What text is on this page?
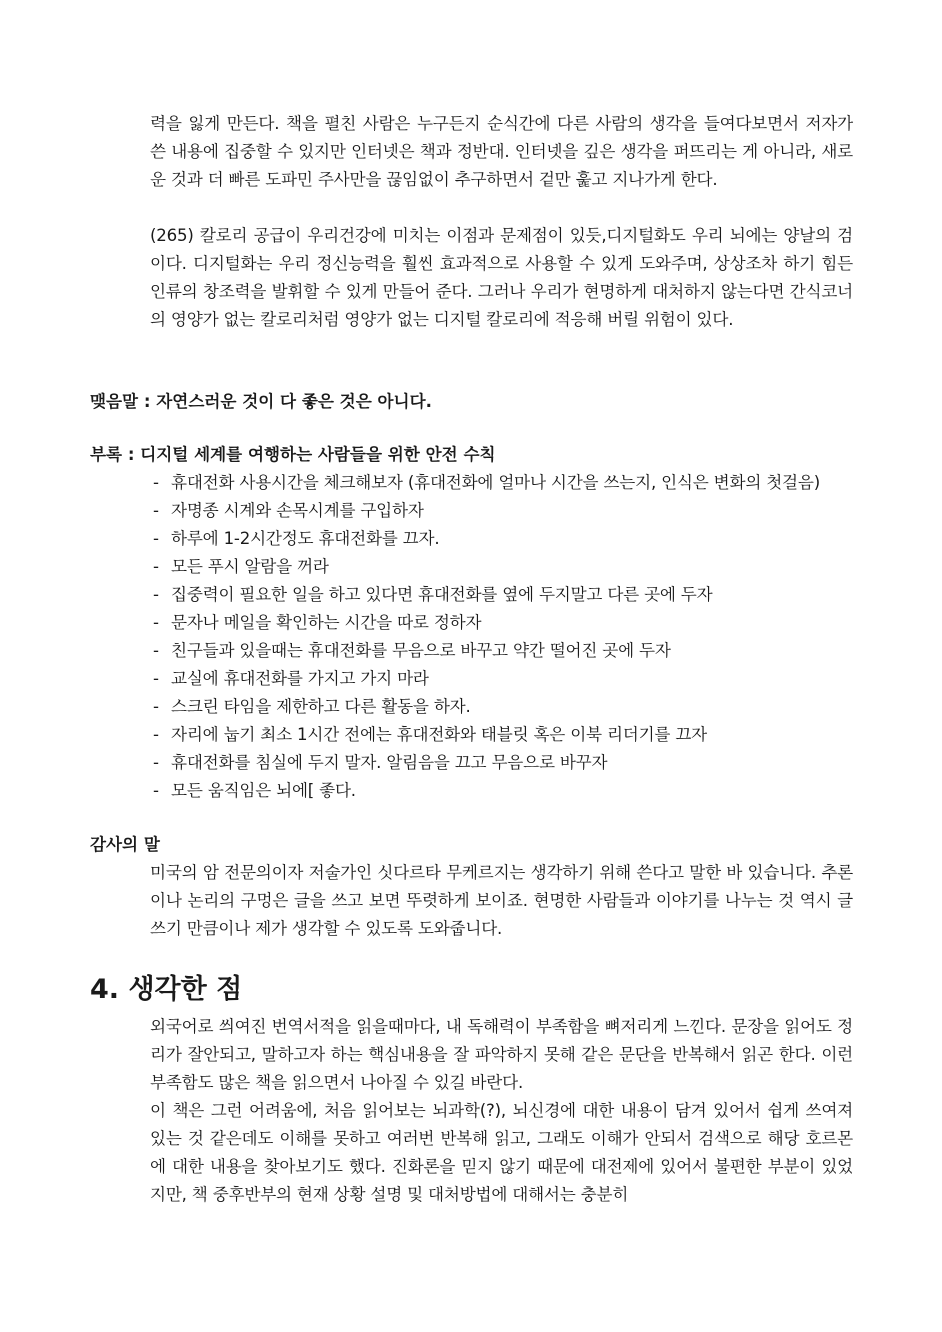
력을 잃게 만든다. 책을 펼친 사람은 누구든지 순식간에 다른 사람의 생각을 들여다보면서 저자가 쓴 내용에 집중할 수 있지만 인터넷은 책과 정반대. 인터넷을 깊은 생각을 퍼뜨리는 게 아니라, 새로운 것과 더 빠른 도파민 주사만을 끊임없이 추구하면서 겉만 훑고 지나가게 한다.

(265) 칼로리 공급이 우리건강에 미치는 이점과 문제점이 있듯,디지털화도 우리 뇌에는 양날의 검이다. 디지털화는 우리 정신능력을 훨씬 효과적으로 사용할 수 있게 도와주며, 상상조차 하기 힘든 인류의 창조력을 발휘할 수 있게 만들어 준다. 그러나 우리가 현명하게 대처하지 않는다면 간식코너의 영양가 없는 칼로리처럼 영양가 없는 디지털 칼로리에 적응해 버릴 위험이 있다.

맺음말 : 자연스러운 것이 다 좋은 것은 아니다.

부록 : 디지털 세계를 여행하는 사람들을 위한 안전 수칙

- 휴대전화 사용시간을 체크해보자 (휴대전화에 얼마나 시간을 쓰는지, 인식은 변화의 첫걸음)
- 자명종 시계와 손목시계를 구입하자
- 하루에 1-2시간정도 휴대전화를 끄자.
- 모든 푸시 알람을 꺼라
- 집중력이 필요한 일을 하고 있다면 휴대전화를 옆에 두지말고 다른 곳에 두자
- 문자나 메일을 확인하는 시간을 따로 정하자
- 친구들과 있을때는 휴대전화를 무음으로 바꾸고 약간 떨어진 곳에 두자
- 교실에 휴대전화를 가지고 가지 마라
- 스크린 타임을 제한하고 다른 활동을 하자.
- 자리에 눕기 최소 1시간 전에는 휴대전화와 태블릿 혹은 이북 리더기를 끄자
- 휴대전화를 침실에 두지 말자. 알림음을 끄고 무음으로 바꾸자
- 모든 움직임은 뇌에[ 좋다.

감사의 말

미국의 암 전문의이자 저술가인 싯다르타 무케르지는 생각하기 위해 쓴다고 말한 바 있습니다. 추론이나 논리의 구멍은 글을 쓰고 보면 뚜렷하게 보이죠. 현명한 사람들과 이야기를 나누는 것 역시 글쓰기 만큼이나 제가 생각할 수 있도록 도와줍니다.

4. 생각한 점

외국어로 씌여진 번역서적을 읽을때마다, 내 독해력이 부족함을 뼈저리게 느낀다. 문장을 읽어도 정리가 잘안되고, 말하고자 하는 핵심내용을 잘 파악하지 못해 같은 문단을 반복해서 읽곤 한다. 이런 부족함도 많은 책을 읽으면서 나아질 수 있길 바란다.

이 책은 그런 어려움에, 처음 읽어보는 뇌과학(?), 뇌신경에 대한 내용이 담겨 있어서 쉽게 쓰여져 있는 것 같은데도 이해를 못하고 여러번 반복해 읽고, 그래도 이해가 안되서 검색으로 해당 호르몬에 대한 내용을 찾아보기도 했다. 진화론을 믿지 않기 때문에 대전제에 있어서 불편한 부분이 있었지만, 책 중후반부의 현재 상황 설명 및 대처방법에 대해서는 충분히
